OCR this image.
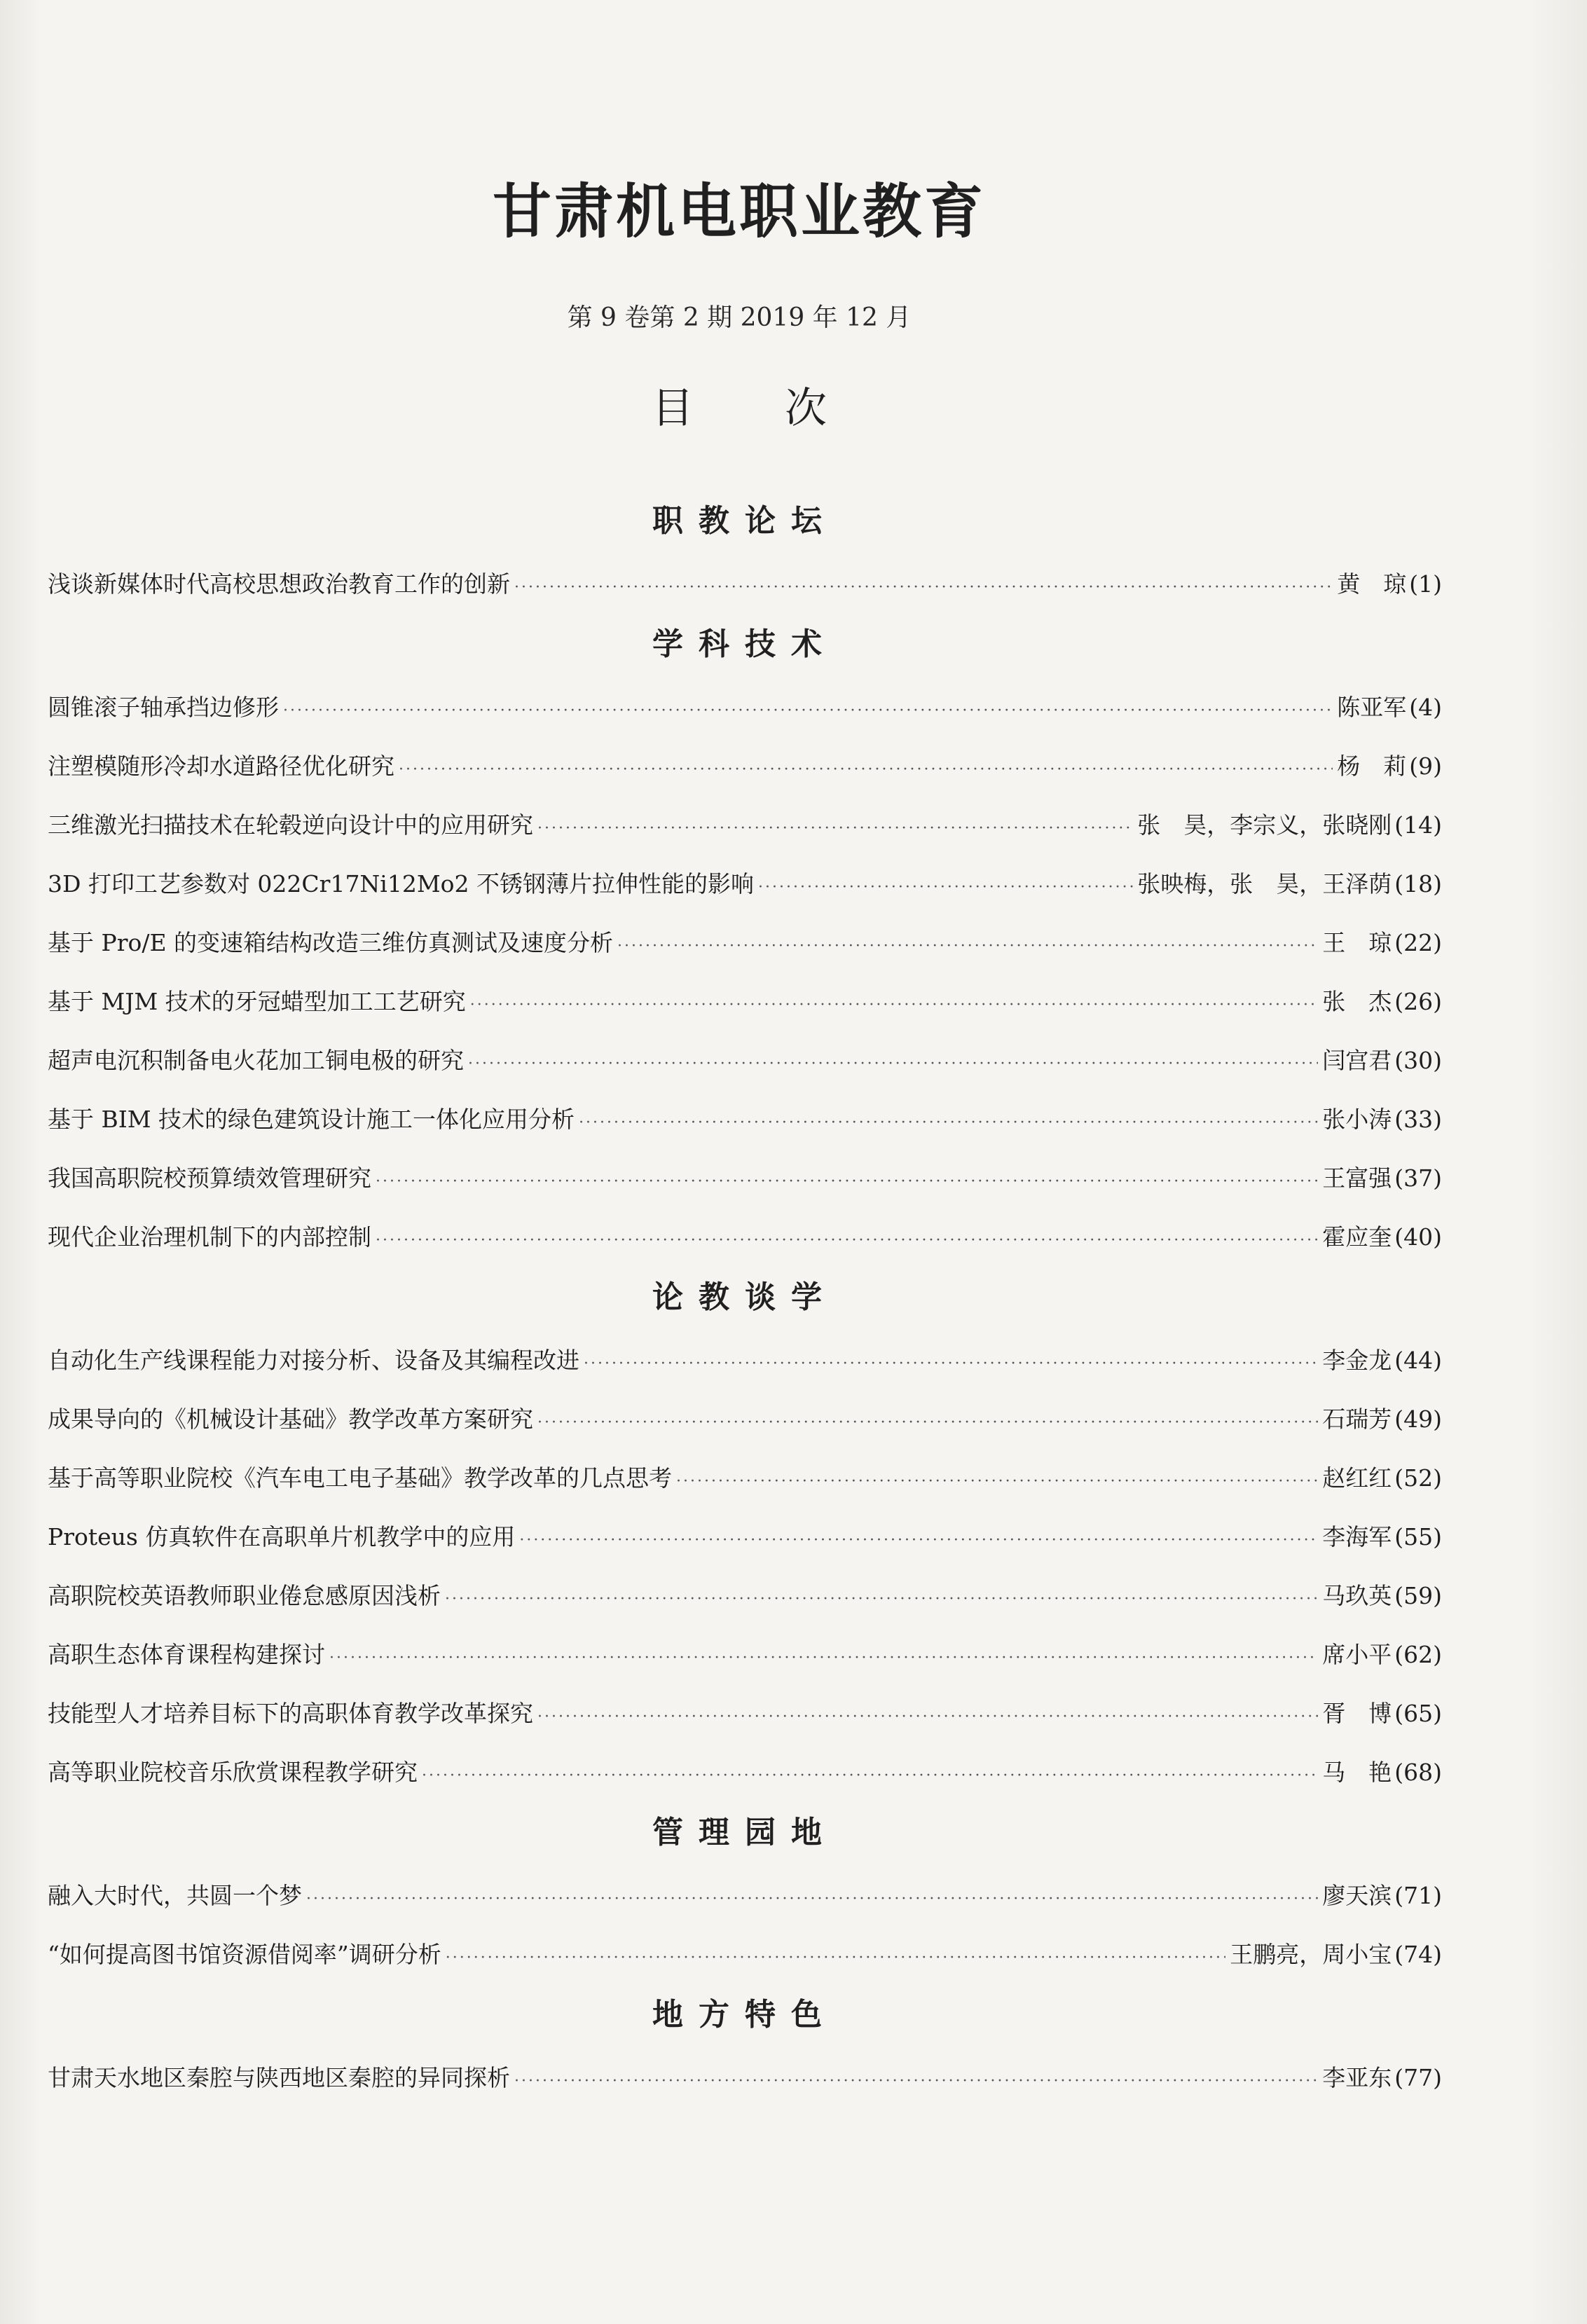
甘肃机电职业教育
第 9 卷第 2 期 2019 年 12 月
目次
职教论坛
浅谈新媒体时代高校思想政治教育工作的创新 ·····	黄　琼 (1)
学科技术
圆锥滚子轴承挡边修形 ·····	陈亚军 (4)
注塑模随形冷却水道路径优化研究 ·····	杨　莉 (9)
三维激光扫描技术在轮毂逆向设计中的应用研究 ·····	张　昊，李宗义，张晓刚 (14)
3D 打印工艺参数对 022Cr17Ni12Mo2 不锈钢薄片拉伸性能的影响 ·····	张映梅，张　昊，王泽荫 (18)
基于 Pro/E 的变速箱结构改造三维仿真测试及速度分析 ·····	王　琼 (22)
基于 MJM 技术的牙冠蜡型加工工艺研究 ·····	张　杰 (26)
超声电沉积制备电火花加工铜电极的研究 ·····	闫宫君 (30)
基于 BIM 技术的绿色建筑设计施工一体化应用分析 ·····	张小涛 (33)
我国高职院校预算绩效管理研究 ·····	王富强 (37)
现代企业治理机制下的内部控制 ·····	霍应奎 (40)
论教谈学
自动化生产线课程能力对接分析、设备及其编程改进 ·····	李金龙 (44)
成果导向的《机械设计基础》教学改革方案研究 ·····	石瑞芳 (49)
基于高等职业院校《汽车电工电子基础》教学改革的几点思考 ·····	赵红红 (52)
Proteus 仿真软件在高职单片机教学中的应用 ·····	李海军 (55)
高职院校英语教师职业倦怠感原因浅析 ·····	马玖英 (59)
高职生态体育课程构建探讨 ·····	席小平 (62)
技能型人才培养目标下的高职体育教学改革探究 ·····	胥　博 (65)
高等职业院校音乐欣赏课程教学研究 ·····	马　艳 (68)
管理园地
融入大时代，共圆一个梦 ·····	廖天滨 (71)
“如何提高图书馆资源借阅率”调研分析 ·····	王鹏亮，周小宝 (74)
地方特色
甘肃天水地区秦腔与陕西地区秦腔的异同探析 ·····	李亚东 (77)
